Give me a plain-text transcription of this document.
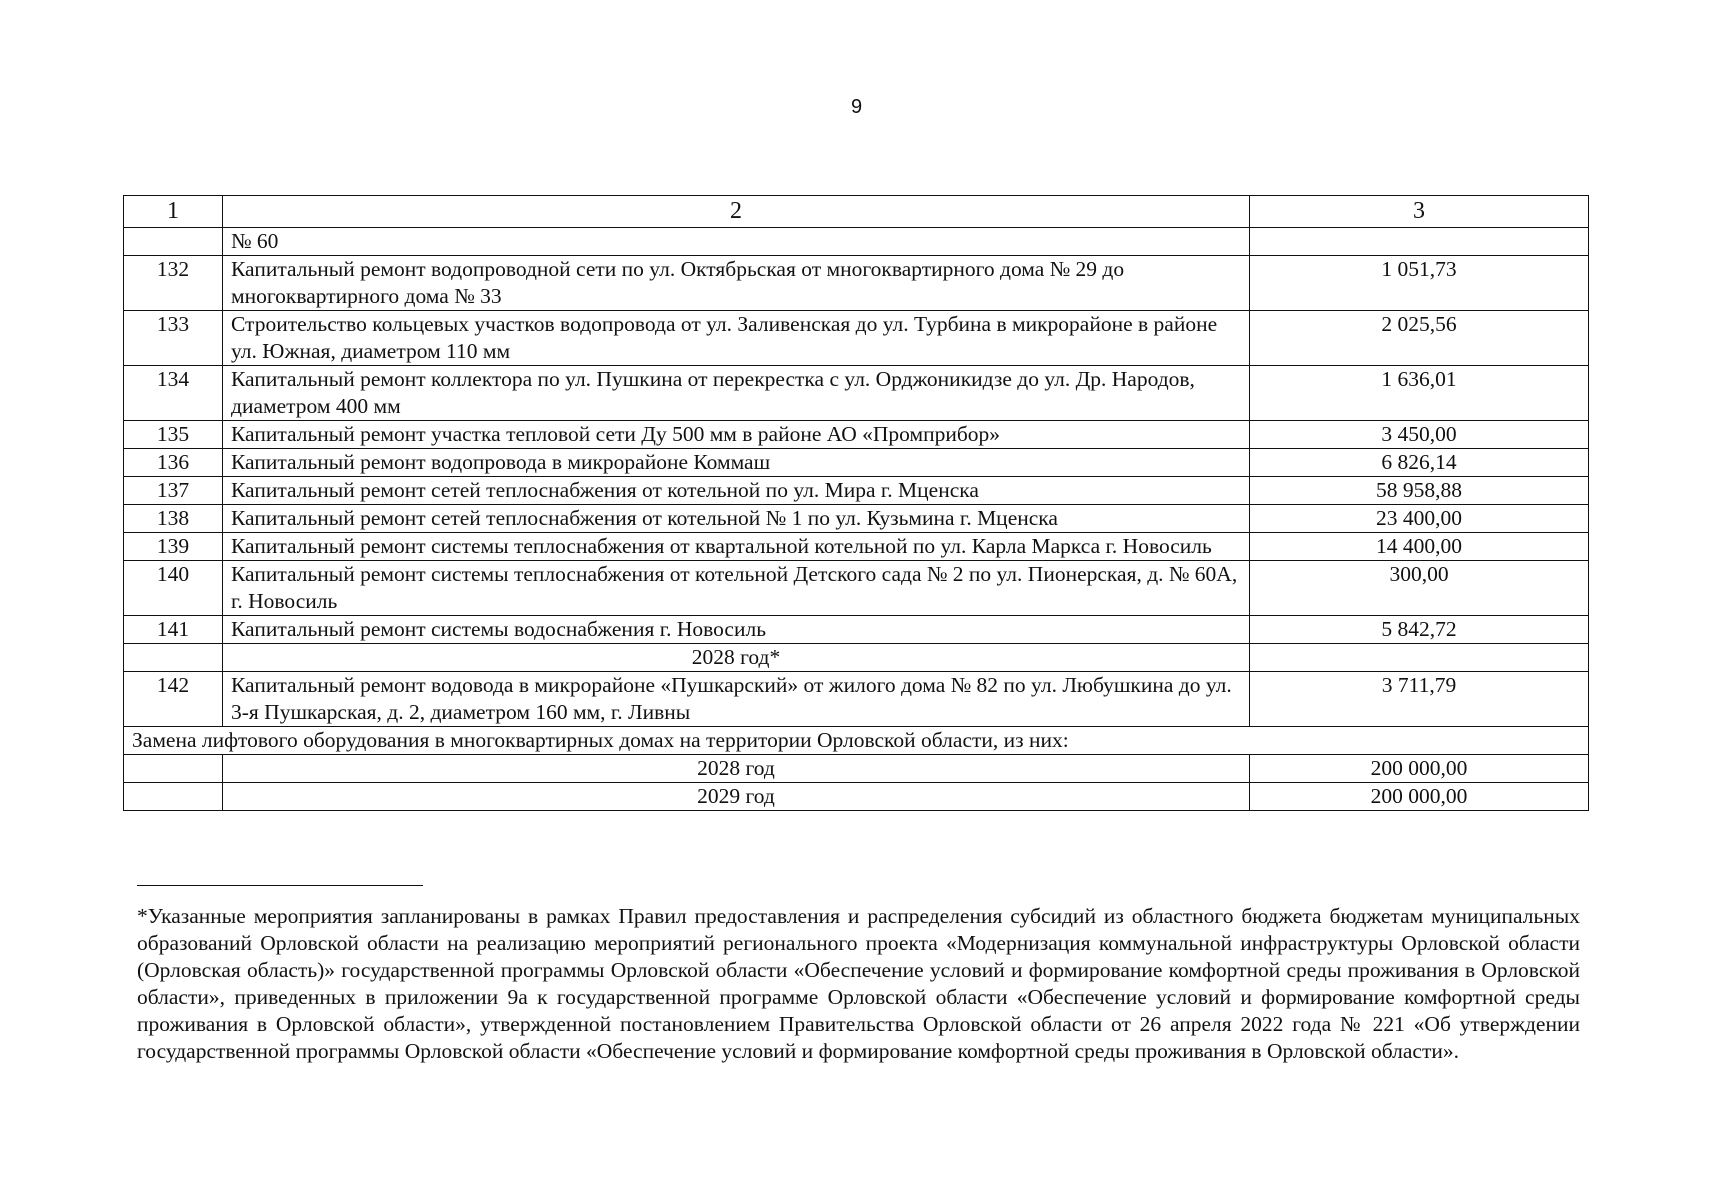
9
1	2	3
	№ 60	
132	Капитальный ремонт водопроводной сети по ул. Октябрьская от многоквартирного дома № 29 до многоквартирного дома № 33	1 051,73
133	Строительство кольцевых участков водопровода от ул. Заливенская до ул. Турбина в микрорайоне в районе ул. Южная, диаметром 110 мм	2 025,56
134	Капитальный ремонт коллектора по ул. Пушкина от перекрестка с ул. Орджоникидзе до ул. Др. Народов, диаметром 400 мм	1 636,01
135	Капитальный ремонт участка тепловой сети Ду 500 мм в районе АО «Промприбор»	3 450,00
136	Капитальный ремонт водопровода в микрорайоне Коммаш	6 826,14
137	Капитальный ремонт сетей теплоснабжения от котельной по ул. Мира г. Мценска	58 958,88
138	Капитальный ремонт сетей теплоснабжения от котельной № 1 по ул. Кузьмина г. Мценска	23 400,00
139	Капитальный ремонт системы теплоснабжения от квартальной котельной по ул. Карла Маркса г. Новосиль	14 400,00
140	Капитальный ремонт системы теплоснабжения от котельной Детского сада № 2 по ул. Пионерская, д. № 60А, г. Новосиль	300,00
141	Капитальный ремонт системы водоснабжения г. Новосиль	5 842,72
	2028 год*	
142	Капитальный ремонт водовода в микрорайоне «Пушкарский» от жилого дома № 82 по ул. Любушкина до ул. 3-я Пушкарская, д. 2, диаметром 160 мм, г. Ливны	3 711,79
Замена лифтового оборудования в многоквартирных домах на территории Орловской области, из них:		
	2028 год	200 000,00
	2029 год	200 000,00
*Указанные мероприятия запланированы в рамках Правил предоставления и распределения субсидий из областного бюджета бюджетам муниципальных образований Орловской области на реализацию мероприятий регионального проекта «Модернизация коммунальной инфраструктуры Орловской области (Орловская область)» государственной программы Орловской области «Обеспечение условий и формирование комфортной среды проживания в Орловской области», приведенных в приложении 9а к государственной программе Орловской области «Обеспечение условий и формирование комфортной среды проживания в Орловской области», утвержденной постановлением Правительства Орловской области от 26 апреля 2022 года № 221 «Об утверждении государственной программы Орловской области «Обеспечение условий и формирование комфортной среды проживания в Орловской области».
